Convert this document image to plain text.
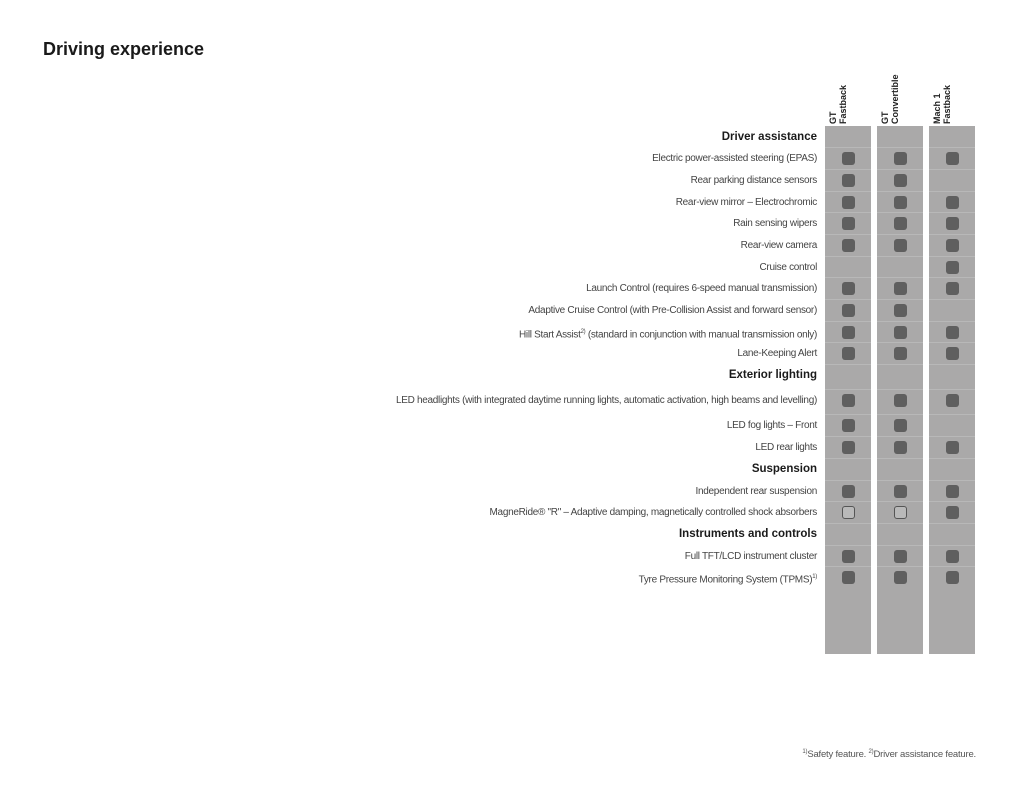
Driving experience
GT Fastback	GT Convertible	Mach 1 Fastback
Driver assistance
Electric power-assisted steering (EPAS)
Rear parking distance sensors
Rear-view mirror – Electrochromic
Rain sensing wipers
Rear-view camera
Cruise control
Launch Control (requires 6-speed manual transmission)
Adaptive Cruise Control (with Pre-Collision Assist and forward sensor)
Hill Start Assist$^{2)}$ (standard in conjunction with manual transmission only)
Lane-Keeping Alert
Exterior lighting
LED headlights (with integrated daytime running lights, automatic activation, high beams and levelling)
LED fog lights – Front
LED rear lights
Suspension
Independent rear suspension
MagneRide® "R" – Adaptive damping, magnetically controlled shock absorbers
Instruments and controls
Full TFT/LCD instrument cluster
Tyre Pressure Monitoring System (TPMS)$^{1)}$
$^{1)}$Safety feature. $^{2)}$Driver assistance feature.
